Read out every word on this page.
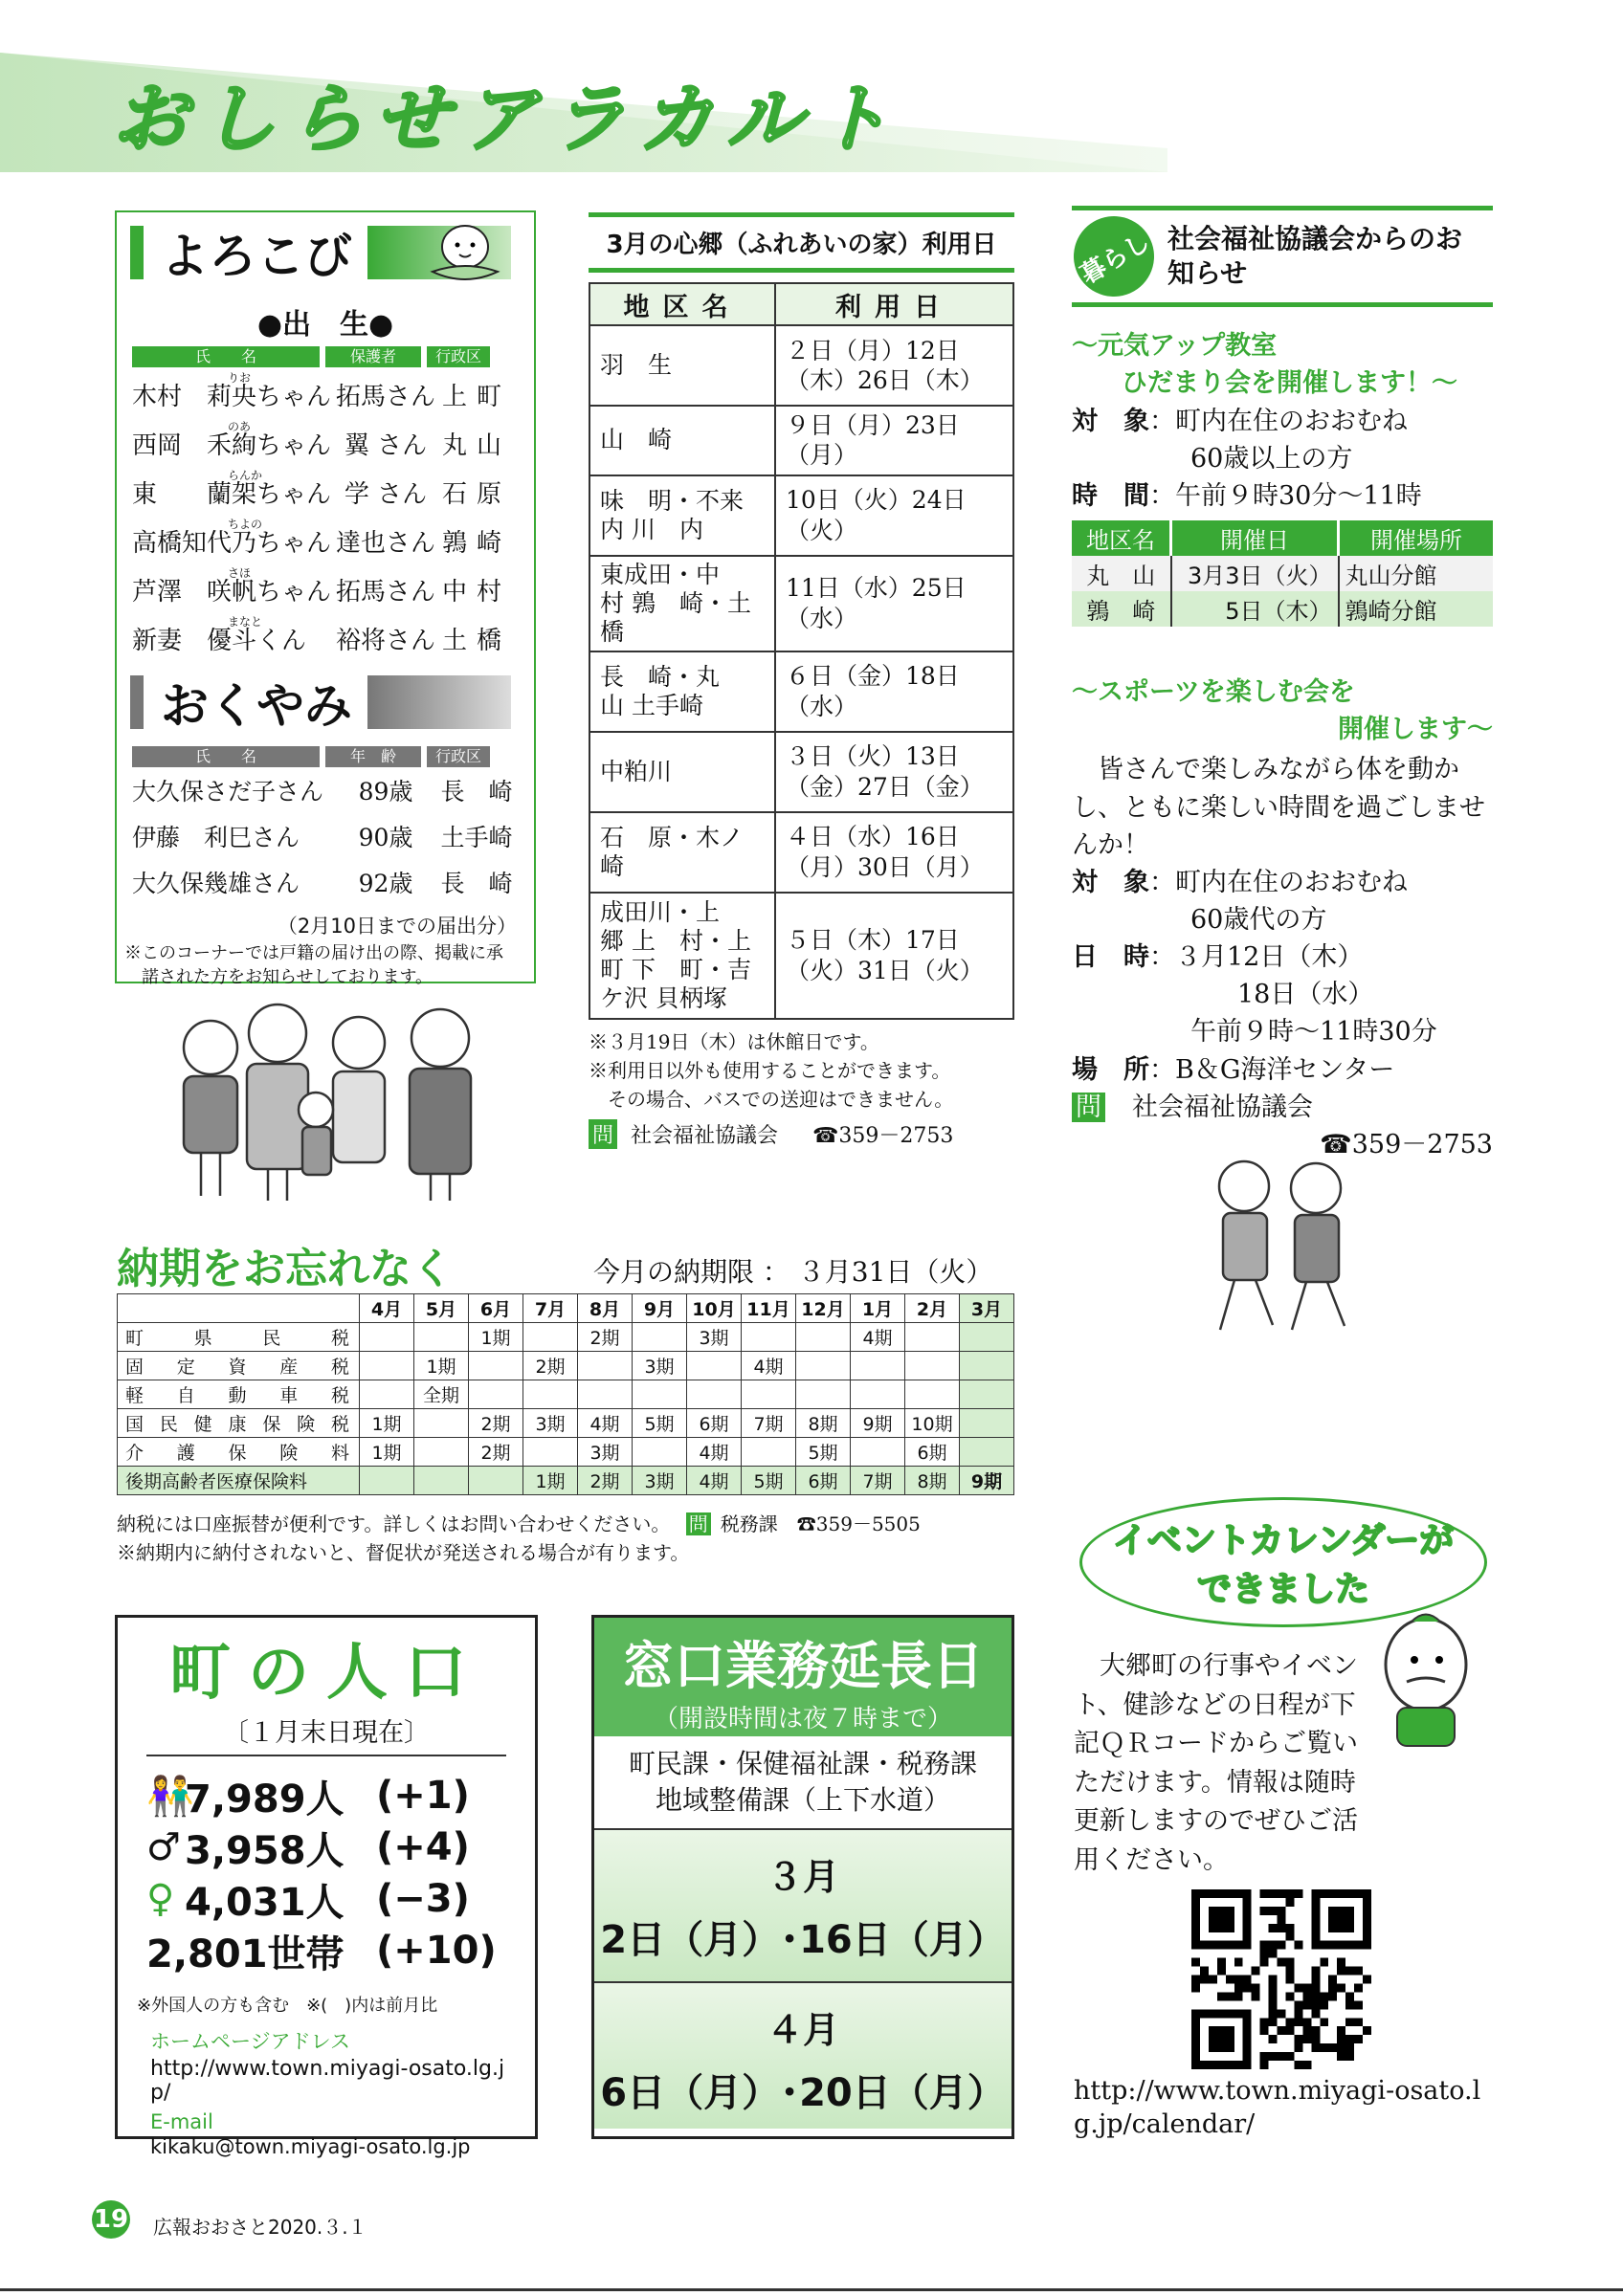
おしらせアラカルト
よろこび
●出　生●
氏　　名	保護者	行政区
りお
木村　莉央ちゃん 拓馬さん 上町
のあ
西岡　禾絢ちゃん 翼 さん 丸山
らんか
東　　蘭架ちゃん 学 さん 石原
ちよの
高橋知代乃ちゃん 達也さん 鶉崎
さほ
芦澤　咲帆ちゃん 拓馬さん 中村
まなと
新妻　優斗くん	裕将さん 土橋
おくやみ
氏　　名	年　齢	行政区
大久保さだ子さん	89歳	長　崎
伊藤　利巳さん	90歳	土手崎
大久保幾雄さん	92歳	長　崎
（2月10日までの届出分）
※このコーナーでは戸籍の届け出の際、掲載に承諾された方をお知らせしております。
3月の心郷（ふれあいの家）利用日
地区名	利用日
羽　生	２日（月）12日（木）26日（木）
山　崎	９日（月）23日（月）
味　明・不来内 川　内	10日（火）24日（火）
東成田・中　村 鶉　崎・土　橋	11日（水）25日（水）
長　崎・丸　山 土手崎	６日（金）18日（水）
中粕川	３日（火）13日（金）27日（金）
石　原・木ノ崎	４日（水）16日（月）30日（月）
成田川・上　郷 上　村・上　町 下　町・吉ケ沢 貝柄塚	５日（木）17日（火）31日（火）
※３月19日（木）は休館日です。
※利用日以外も使用することができます。
その場合、バスでの送迎はできません。
問 社会福祉協議会 ☎359－2753
暮らし 社会福祉協議会からのお知らせ
～元気アップ教室
ひだまり会を開催します！～
対　象：町内在住のおおむね
60歳以上の方
時　間：午前９時30分～11時
地区名	開催日	開催場所
丸　山	3月3日（火）	丸山分館
鶉　崎	5日（木）	鶉崎分館
～スポーツを楽しむ会を
開催します～
皆さんで楽しみながら体を動かし、ともに楽しい時間を過ごしませんか！
対　象：町内在住のおおむね
60歳代の方
日　時：３月12日（木）
18日（水）
午前９時～11時30分
場　所：B＆G海洋センター
問 社会福祉協議会
☎359－2753
納期をお忘れなく	今月の納期限 ： ３月31日（火）
	4月	5月	6月	7月	8月	9月	10月	11月	12月	1月	2月	3月
町県民税			1期		2期		3期			4期		
固定資産税		1期		2期		3期		4期				
軽自動車税		全期										
国民健康保険税	1期		2期	3期	4期	5期	6期	7期	8期	9期	10期	
介護保険料	1期		2期		3期		4期		5期		6期	
後期高齢者医療保険料				1期	2期	3期	4期	5期	6期	7期	8期	9期
納税には口座振替が便利です。詳しくはお問い合わせください。 問 税務課　 ☎359－5505
※納期内に納付されないと、督促状が発送される場合が有ります。
町の人口
〔１月末日現在〕
👫
7,989人 (+1)
♂ 3,958人 (+4)
♀ 4,031人 (−3)
2,801世帯 (+10)
※外国人の方も含む　※(　)内は前月比
ホームページアドレス
http://www.town.miyagi-osato.lg.jp/
E-mail
kikaku@town.miyagi-osato.lg.jp
窓口業務延長日
（開設時間は夜７時まで）
町民課・保健福祉課・税務課
地域整備課（上下水道）
３月
2日（月）･16日（月）
４月
6日（月）･20日（月）
イベントカレンダーが
できました
大郷町の行事やイベント、健診などの日程が下記ＱＲコードからご覧いただけます。情報は随時更新しますのでぜひご活用ください。
http://www.town.miyagi-osato.lg.jp/calendar/
19 広報おおさと2020.３.１
